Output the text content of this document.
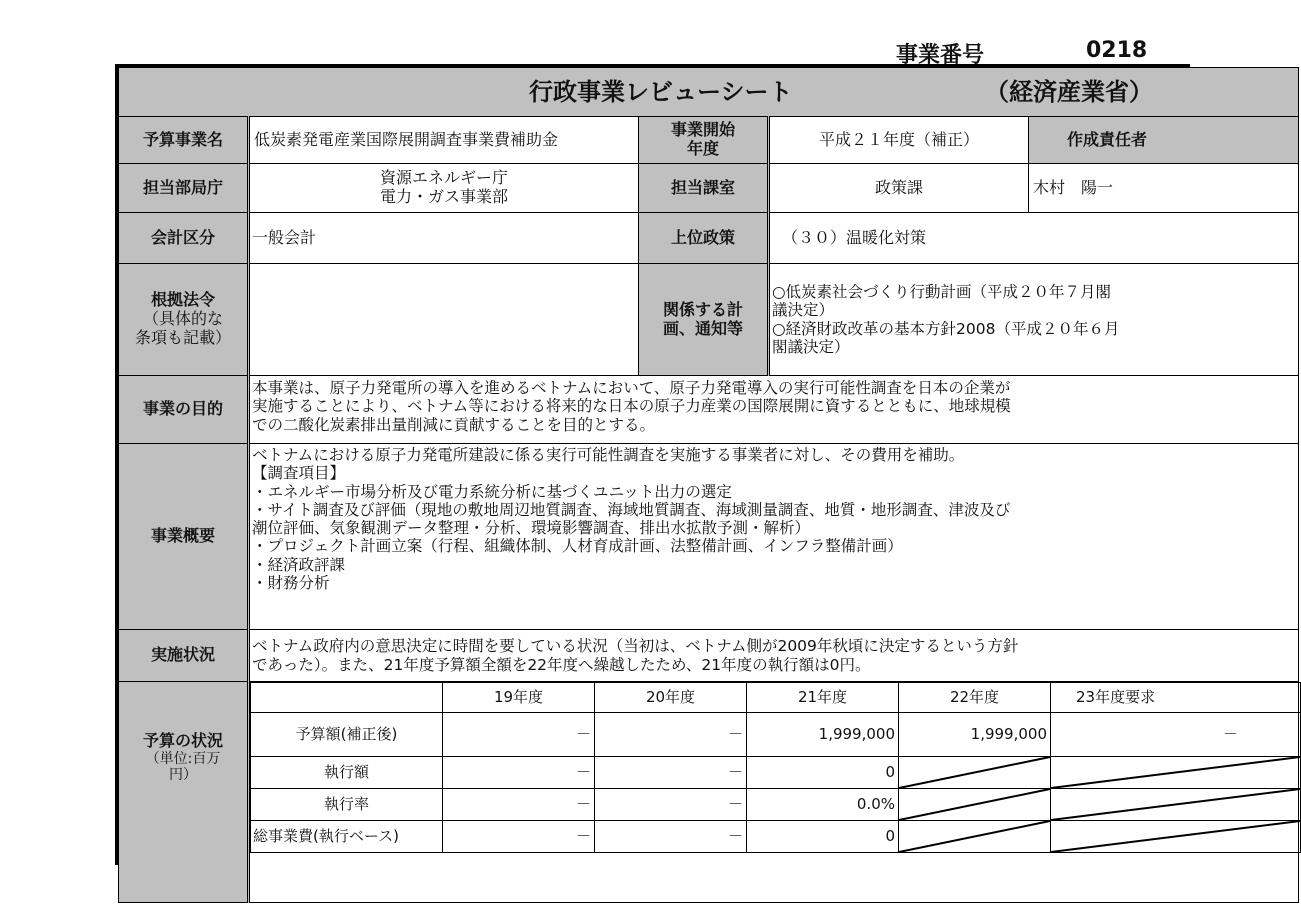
事業番号	0218
行政事業レビューシート	（経済産業省）

予算事業名	低炭素発電産業国際展開調査事業費補助金	事業開始
年度	平成２１年度（補正）	作成責任者
担当部局庁	資源エネルギー庁
電力・ガス事業部	担当課室	政策課	木村　陽一
会計区分	一般会計	上位政策	（３０）温暖化対策

根拠法令
（具体的な
条項も記載）
		関係する計
画、通知等	○低炭素社会づくり行動計画（平成２０年７月閣
議決定）
○経済財政改革の基本方針2008（平成２０年６月
閣議決定）
事業の目的	本事業は、原子力発電所の導入を進めるベトナムにおいて、原子力発電導入の実行可能性調査を日本の企業が
実施することにより、ベトナム等における将来的な日本の原子力産業の国際展開に資するとともに、地球規模
での二酸化炭素排出量削減に貢献することを目的とする。
事業概要	ベトナムにおける原子力発電所建設に係る実行可能性調査を実施する事業者に対し、その費用を補助。
【調査項目】
・エネルギー市場分析及び電力系統分析に基づくユニット出力の選定
・サイト調査及び評価（現地の敷地周辺地質調査、海域地質調査、海域測量調査、地質・地形調査、津波及び
潮位評価、気象観測データ整理・分析、環境影響調査、排出水拡散予測・解析）
・プロジェクト計画立案（行程、組織体制、人材育成計画、法整備計画、インフラ整備計画）
・経済政評課
・財務分析
実施状況	ベトナム政府内の意思決定に時間を要している状況（当初は、ベトナム側が2009年秋頃に決定するという方針
であった）。また、21年度予算額全額を22年度へ繰越したため、21年度の執行額は0円。

予算の状況
（単位:百万
円）

	19年度	20年度	21年度	22年度	23年度要求
予算額(補正後)	－	－	1,999,000	1,999,000	－
執行額	－	－	0	

執行率	－	－	0.0%	

総事業費(執行ベース)	－	－	0	
